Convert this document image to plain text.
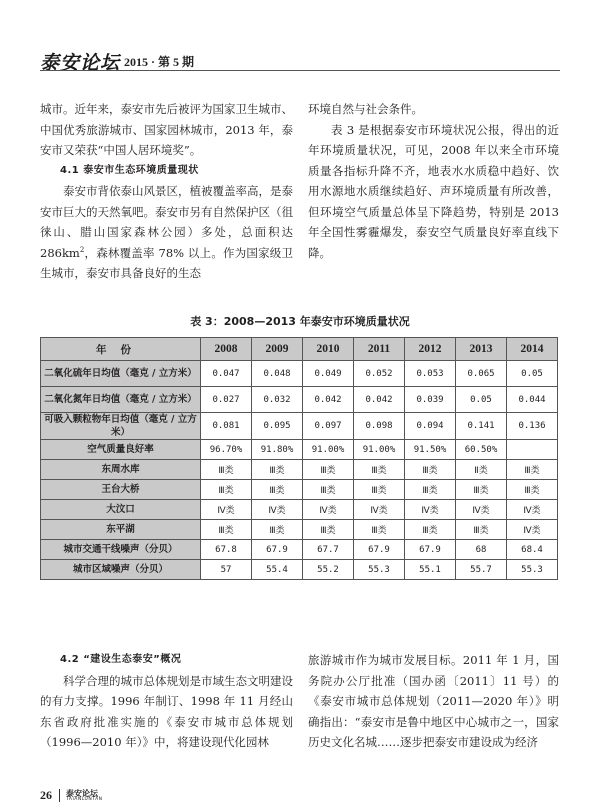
泰安论坛 2015 · 第 5 期

城市。近年来，泰安市先后被评为国家卫生城市、中国优秀旅游城市、国家园林城市，2013 年，泰安市又荣获“中国人居环境奖”。

4.1 泰安市生态环境质量现状

泰安市背依泰山风景区，植被覆盖率高，是泰安市巨大的天然氧吧。泰安市另有自然保护区（徂徕山、腊山国家森林公园）多处，总面积达 $286km^2$，森林覆盖率 78% 以上。作为国家级卫生城市，泰安市具备良好的生态

环境自然与社会条件。

表 3 是根据泰安市环境状况公报，得出的近年环境质量状况，可见，2008 年以来全市环境质量各指标升降不齐，地表水水质稳中趋好、饮用水源地水质继续趋好、声环境质量有所改善，但环境空气质量总体呈下降趋势，特别是 2013 年全国性雾霾爆发，泰安空气质量良好率直线下降。

表 3：2008—2013 年泰安市环境质量状况
年份	2008	2009	2010	2011	2012	2013	2014
二氧化硫年日均值（毫克 / 立方米）	0.047	0.048	0.049	0.052	0.053	0.065	0.05
二氧化氮年日均值（毫克 / 立方米）	0.027	0.032	0.042	0.042	0.039	0.05	0.044
可吸入颗粒物年日均值（毫克 / 立方米）	0.081	0.095	0.097	0.098	0.094	0.141	0.136
空气质量良好率	96.70%	91.80%	91.00%	91.00%	91.50%	60.50%	
东周水库	Ⅲ类	Ⅲ类	Ⅲ类	Ⅲ类	Ⅲ类	Ⅱ类	Ⅲ类
王台大桥	Ⅲ类	Ⅲ类	Ⅲ类	Ⅲ类	Ⅲ类	Ⅲ类	Ⅲ类
大汶口	Ⅳ类	Ⅳ类	Ⅳ类	Ⅳ类	Ⅳ类	Ⅳ类	Ⅳ类
东平湖	Ⅲ类	Ⅲ类	Ⅲ类	Ⅲ类	Ⅲ类	Ⅲ类	Ⅳ类
城市交通干线噪声（分贝）	67.8	67.9	67.7	67.9	67.9	68	68.4
城市区域噪声（分贝）	57	55.4	55.2	55.3	55.1	55.7	55.3

4.2 “建设生态泰安”概况

科学合理的城市总体规划是市域生态文明建设的有力支撑。1996 年制订、1998 年 11 月经山东省政府批准实施的《泰安市城市总体规划（1996—2010 年）》中，将建设现代化园林

旅游城市作为城市发展目标。2011 年 1 月，国务院办公厅批准（国办函〔2011〕11 号）的《泰安市城市总体规划（2011—2020 年）》明确指出：“泰安市是鲁中地区中心城市之一，国家历史文化名城……逐步把泰安市建设成为经济

26 泰安论坛
TAIANLUNTAN
